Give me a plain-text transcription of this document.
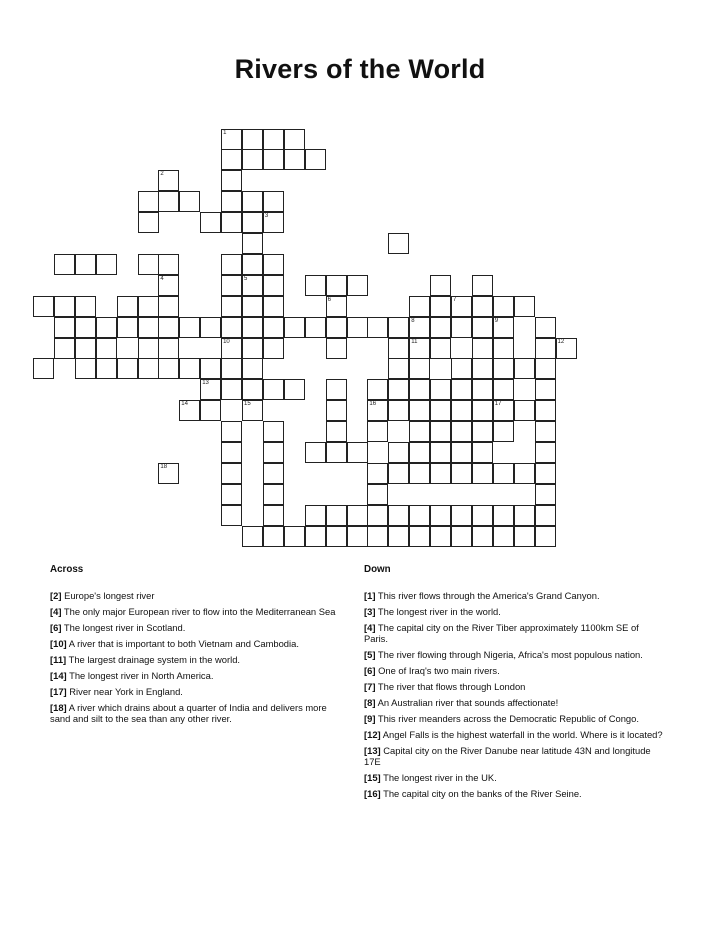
Rivers of the World
1
3
5
7
8	9
10	11
13
16	17
2
4
6
12
14	15
18
Across
[2] Europe's longest river
[4] The only major European river to flow into the Mediterranean Sea
[6] The longest river in Scotland.
[10] A river that is important to both Vietnam and Cambodia.
[11] The largest drainage system in the world.
[14] The longest river in North America.
[17] River near York in England.
[18] A river which drains about a quarter of India and delivers more sand and silt to the sea than any other river.
Down
[1] This river flows through the America's Grand Canyon.
[3] The longest river in the world.
[4] The capital city on the River Tiber approximately 1100km SE of Paris.
[5] The river flowing through Nigeria, Africa's most populous nation.
[6] One of Iraq's two main rivers.
[7] The river that flows through London
[8] An Australian river that sounds affectionate!
[9] This river meanders across the Democratic Republic of Congo.
[12] Angel Falls is the highest waterfall in the world. Where is it located?
[13] Capital city on the River Danube near latitude 43N and longitude 17E
[15] The longest river in the UK.
[16] The capital city on the banks of the River Seine.
